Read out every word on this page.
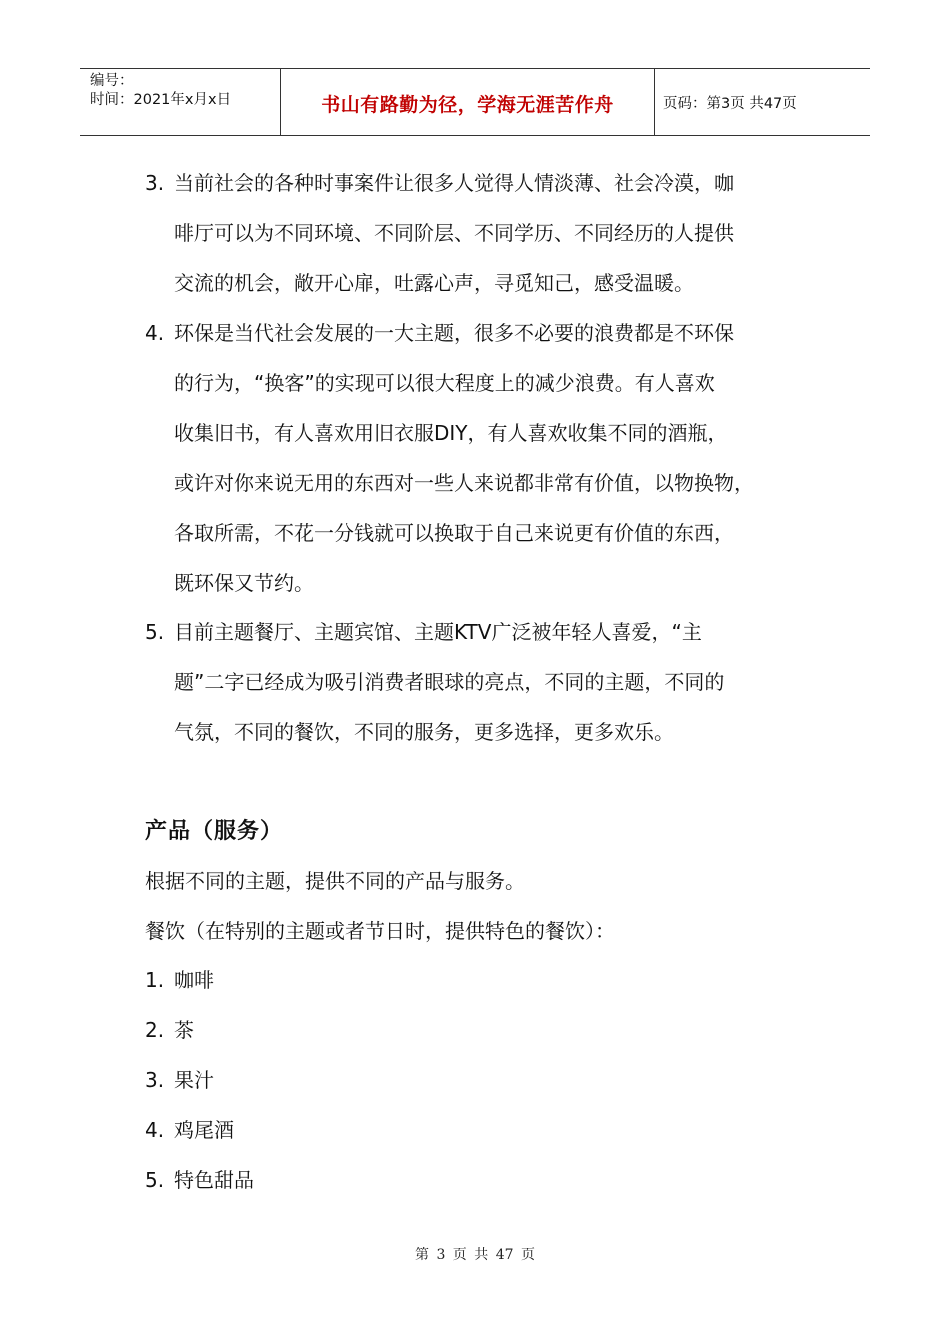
编号：
时间：2021年x月x日	书山有路勤为径，学海无涯苦作舟	页码：第3页 共47页
3. 当前社会的各种时事案件让很多人觉得人情淡薄、社会冷漠，咖
啡厅可以为不同环境、不同阶层、不同学历、不同经历的人提供
交流的机会，敞开心扉，吐露心声，寻觅知己，感受温暖。
4. 环保是当代社会发展的一大主题，很多不必要的浪费都是不环保
的行为，“换客”的实现可以很大程度上的减少浪费。有人喜欢
收集旧书，有人喜欢用旧衣服DIY，有人喜欢收集不同的酒瓶，
或许对你来说无用的东西对一些人来说都非常有价值，以物换物，
各取所需，不花一分钱就可以换取于自己来说更有价值的东西，
既环保又节约。
5. 目前主题餐厅、主题宾馆、主题KTV广泛被年轻人喜爱，“主
题”二字已经成为吸引消费者眼球的亮点，不同的主题，不同的
气氛，不同的餐饮，不同的服务，更多选择，更多欢乐。
产品（服务）
根据不同的主题，提供不同的产品与服务。
餐饮（在特别的主题或者节日时，提供特色的餐饮）：
1. 咖啡
2. 茶
3. 果汁
4. 鸡尾酒
5. 特色甜品
第 3 页 共 47 页
